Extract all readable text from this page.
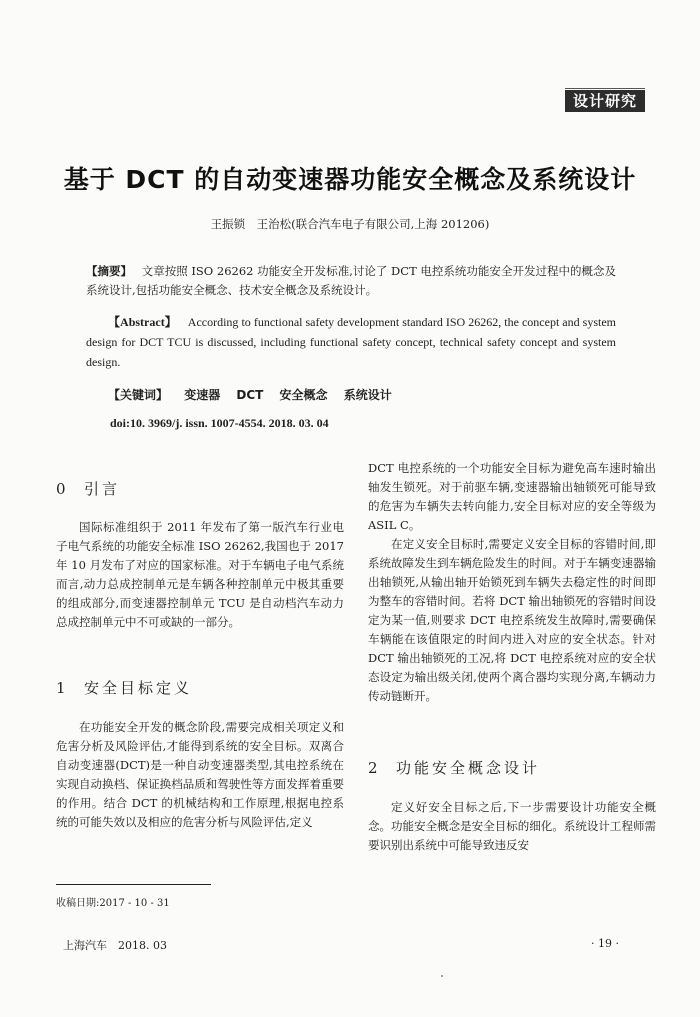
设计研究
基于 DCT 的自动变速器功能安全概念及系统设计
王振锁　王治松(联合汽车电子有限公司,上海 201206)
【摘要】 文章按照 ISO 26262 功能安全开发标准,讨论了 DCT 电控系统功能安全开发过程中的概念及系统设计,包括功能安全概念、技术安全概念及系统设计。
【Abstract】 According to functional safety development standard ISO 26262, the concept and system design for DCT TCU is discussed, including functional safety concept, technical safety concept and system design.
【关键词】 变速器 DCT 安全概念 系统设计
doi:10. 3969/j. issn. 1007-4554. 2018. 03. 04
0 引言

国际标准组织于 2011 年发布了第一版汽车行业电子电气系统的功能安全标准 ISO 26262,我国也于 2017 年 10 月发布了对应的国家标准。对于车辆电子电气系统而言,动力总成控制单元是车辆各种控制单元中极其重要的组成部分,而变速器控制单元 TCU 是自动档汽车动力总成控制单元中不可或缺的一部分。

1 安全目标定义

在功能安全开发的概念阶段,需要完成相关项定义和危害分析及风险评估,才能得到系统的安全目标。双离合自动变速器(DCT)是一种自动变速器类型,其电控系统在实现自动换档、保证换档品质和驾驶性等方面发挥着重要的作用。结合 DCT 的机械结构和工作原理,根据电控系统的可能失效以及相应的危害分析与风险评估,定义

DCT 电控系统的一个功能安全目标为避免高车速时输出轴发生锁死。对于前驱车辆,变速器输出轴锁死可能导致的危害为车辆失去转向能力,安全目标对应的安全等级为 ASIL C。

在定义安全目标时,需要定义安全目标的容错时间,即系统故障发生到车辆危险发生的时间。对于车辆变速器输出轴锁死,从输出轴开始锁死到车辆失去稳定性的时间即为整车的容错时间。若将 DCT 输出轴锁死的容错时间设定为某一值,则要求 DCT 电控系统发生故障时,需要确保车辆能在该值限定的时间内进入对应的安全状态。针对 DCT 输出轴锁死的工况,将 DCT 电控系统对应的安全状态设定为输出级关闭,使两个离合器均实现分离,车辆动力传动链断开。

2 功能安全概念设计

定义好安全目标之后,下一步需要设计功能安全概念。功能安全概念是安全目标的细化。系统设计工程师需要识别出系统中可能导致违反安

收稿日期:2017 - 10 - 31
上海汽车　2018. 03	· 19 ·
